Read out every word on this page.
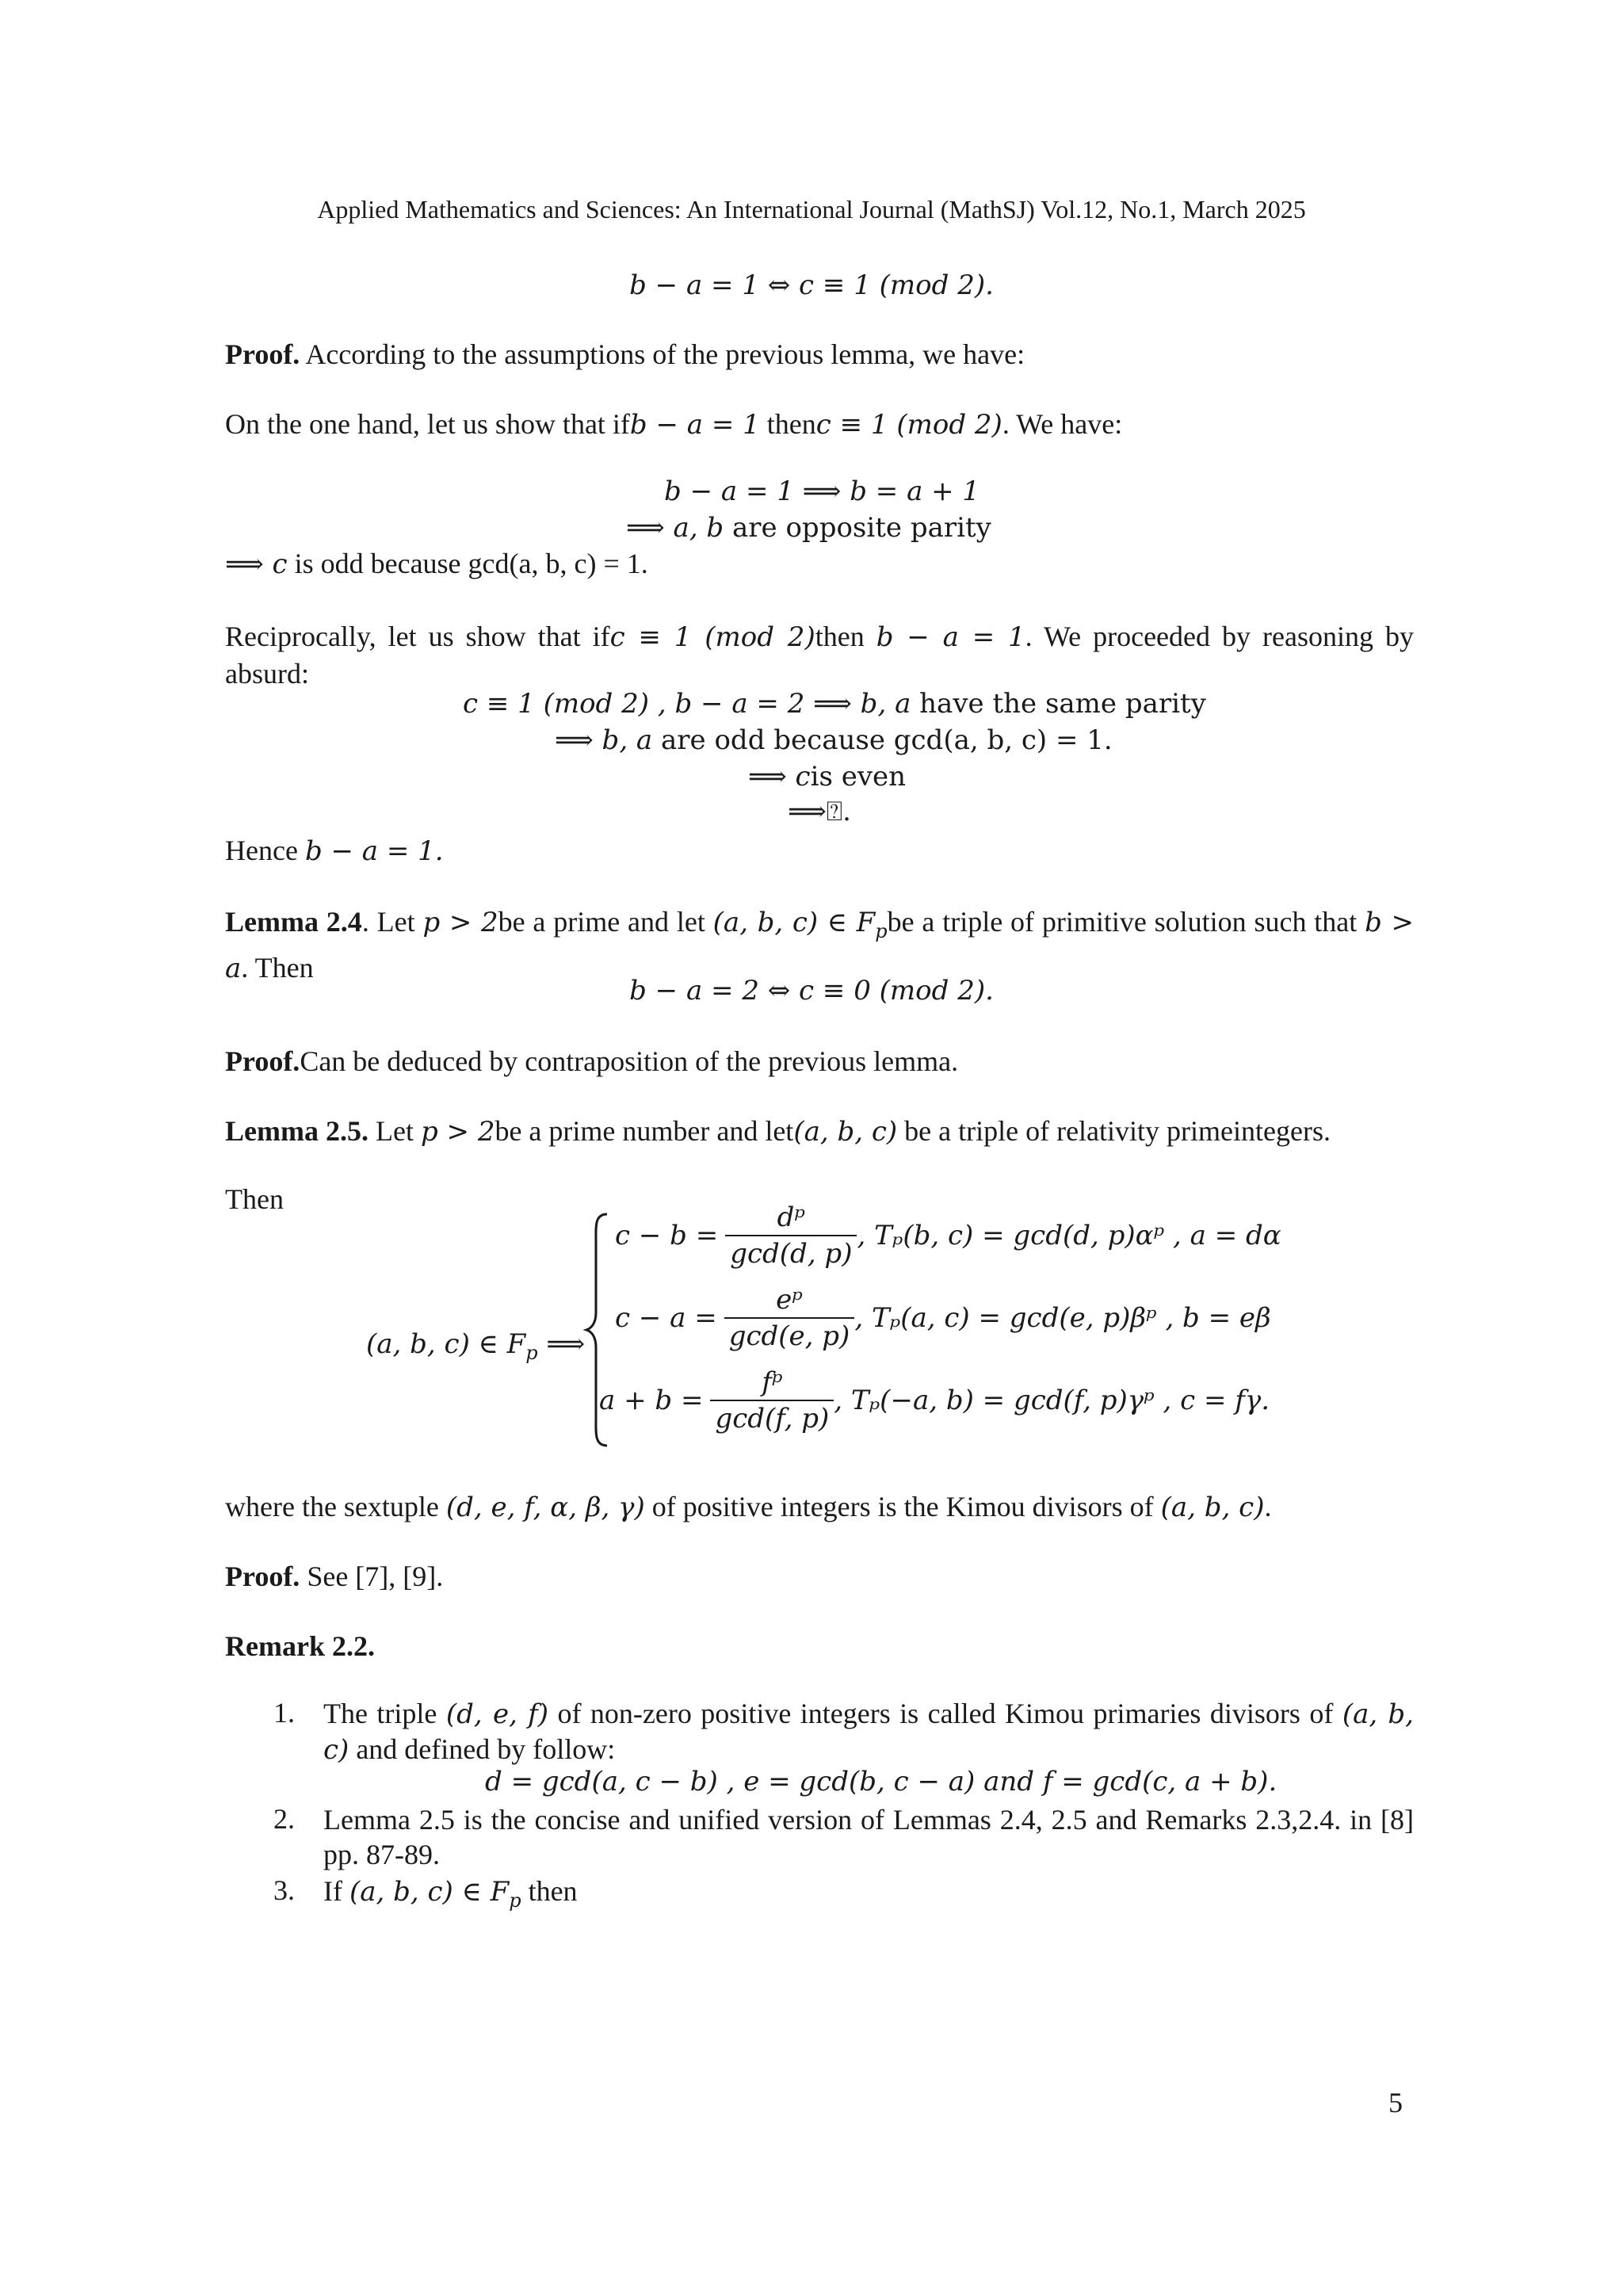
Applied Mathematics and Sciences: An International Journal (MathSJ) Vol.12, No.1, March 2025
b − a = 1 ⇔ c ≡ 1 (mod 2).
Proof. According to the assumptions of the previous lemma, we have:
On the one hand, let us show that ifb − a = 1 thenc ≡ 1 (mod 2). We have:
b − a = 1 ⟹ b = a + 1
⟹ a, b are opposite parity
⟹ c is odd because gcd(a, b, c) = 1.
Reciprocally, let us show that ifc ≡ 1 (mod 2)then b − a = 1. We proceeded by reasoning by absurd:
c ≡ 1 (mod 2) , b − a = 2 ⟹ b, a have the same parity
⟹ b, a are odd because gcd(a, b, c) = 1.
⟹ cis even
⟹⍰.
Hence b − a = 1.
Lemma 2.4. Let p > 2be a prime and let (a, b, c) ∈ $F_pbe$ a triple of primitive solution such that b > a. Then
b − a = 2 ⇔ c ≡ 0 (mod 2).
Proof.Can be deduced by contraposition of the previous lemma.
Lemma 2.5. Let p > 2be a prime number and let(a, b, c) be a triple of relativity primeintegers.
Then
(a, b, c) ∈ $F_p$ ⟹
$c - b = \frac{\text{dᵖ}}{\gcd(d, p)}$ , Tₚ(b, c) = gcd(d, p)αᵖ , a = dα
$c - a = \frac{\text{eᵖ}}{\gcd(e, p)}$ , Tₚ(a, c) = gcd(e, p)βᵖ , b = eβ
$a + b = \frac{\text{fᵖ}}{\gcd(f, p)}$ , Tₚ(−a, b) = gcd(f, p)γᵖ , c = fγ.
where the sextuple (d, e, f, α, β, γ) of positive integers is the Kimou divisors of (a, b, c).
Proof. See [7], [9].
Remark 2.2.
1. The triple (d, e, f) of non-zero positive integers is called Kimou primaries divisors of (a, b, c) and defined by follow:
d = gcd(a, c − b) , e = gcd(b, c − a) and f = gcd(c, a + b).
2. Lemma 2.5 is the concise and unified version of Lemmas 2.4, 2.5 and Remarks 2.3,2.4. in [8] pp. 87-89.
3. If (a, b, c) ∈ $F_p$ then
5
